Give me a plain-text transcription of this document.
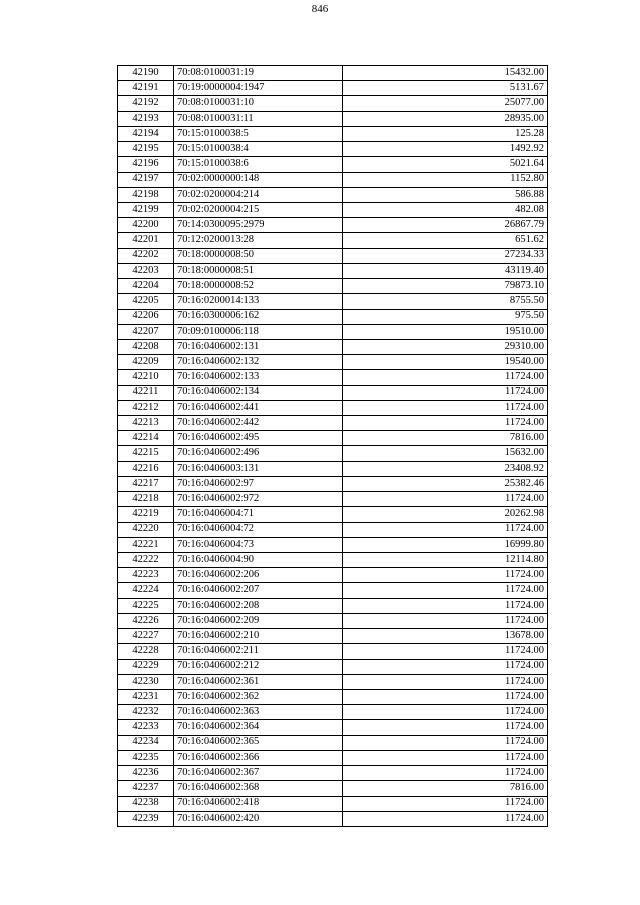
846
42190	70:08:0100031:19	15432.00
42191	70:19:0000004:1947	5131.67
42192	70:08:0100031:10	25077.00
42193	70:08:0100031:11	28935.00
42194	70:15:0100038:5	125.28
42195	70:15:0100038:4	1492.92
42196	70:15:0100038:6	5021.64
42197	70:02:0000000:148	1152.80
42198	70:02:0200004:214	586.88
42199	70:02:0200004:215	482.08
42200	70:14:0300095:2979	26867.79
42201	70:12:0200013:28	651.62
42202	70:18:0000008:50	27234.33
42203	70:18:0000008:51	43119.40
42204	70:18:0000008:52	79873.10
42205	70:16:0200014:133	8755.50
42206	70:16:0300006:162	975.50
42207	70:09:0100006:118	19510.00
42208	70:16:0406002:131	29310.00
42209	70:16:0406002:132	19540.00
42210	70:16:0406002:133	11724.00
42211	70:16:0406002:134	11724.00
42212	70:16:0406002:441	11724.00
42213	70:16:0406002:442	11724.00
42214	70:16:0406002:495	7816.00
42215	70:16:0406002:496	15632.00
42216	70:16:0406003:131	23408.92
42217	70:16:0406002:97	25382.46
42218	70:16:0406002:972	11724.00
42219	70:16:0406004:71	20262.98
42220	70:16:0406004:72	11724.00
42221	70:16:0406004:73	16999.80
42222	70:16:0406004:90	12114.80
42223	70:16:0406002:206	11724.00
42224	70:16:0406002:207	11724.00
42225	70:16:0406002:208	11724.00
42226	70:16:0406002:209	11724.00
42227	70:16:0406002:210	13678.00
42228	70:16:0406002:211	11724.00
42229	70:16:0406002:212	11724.00
42230	70:16:0406002:361	11724.00
42231	70:16:0406002:362	11724.00
42232	70:16:0406002:363	11724.00
42233	70:16:0406002:364	11724.00
42234	70:16:0406002:365	11724.00
42235	70:16:0406002:366	11724.00
42236	70:16:0406002:367	11724.00
42237	70:16:0406002:368	7816.00
42238	70:16:0406002:418	11724.00
42239	70:16:0406002:420	11724.00
